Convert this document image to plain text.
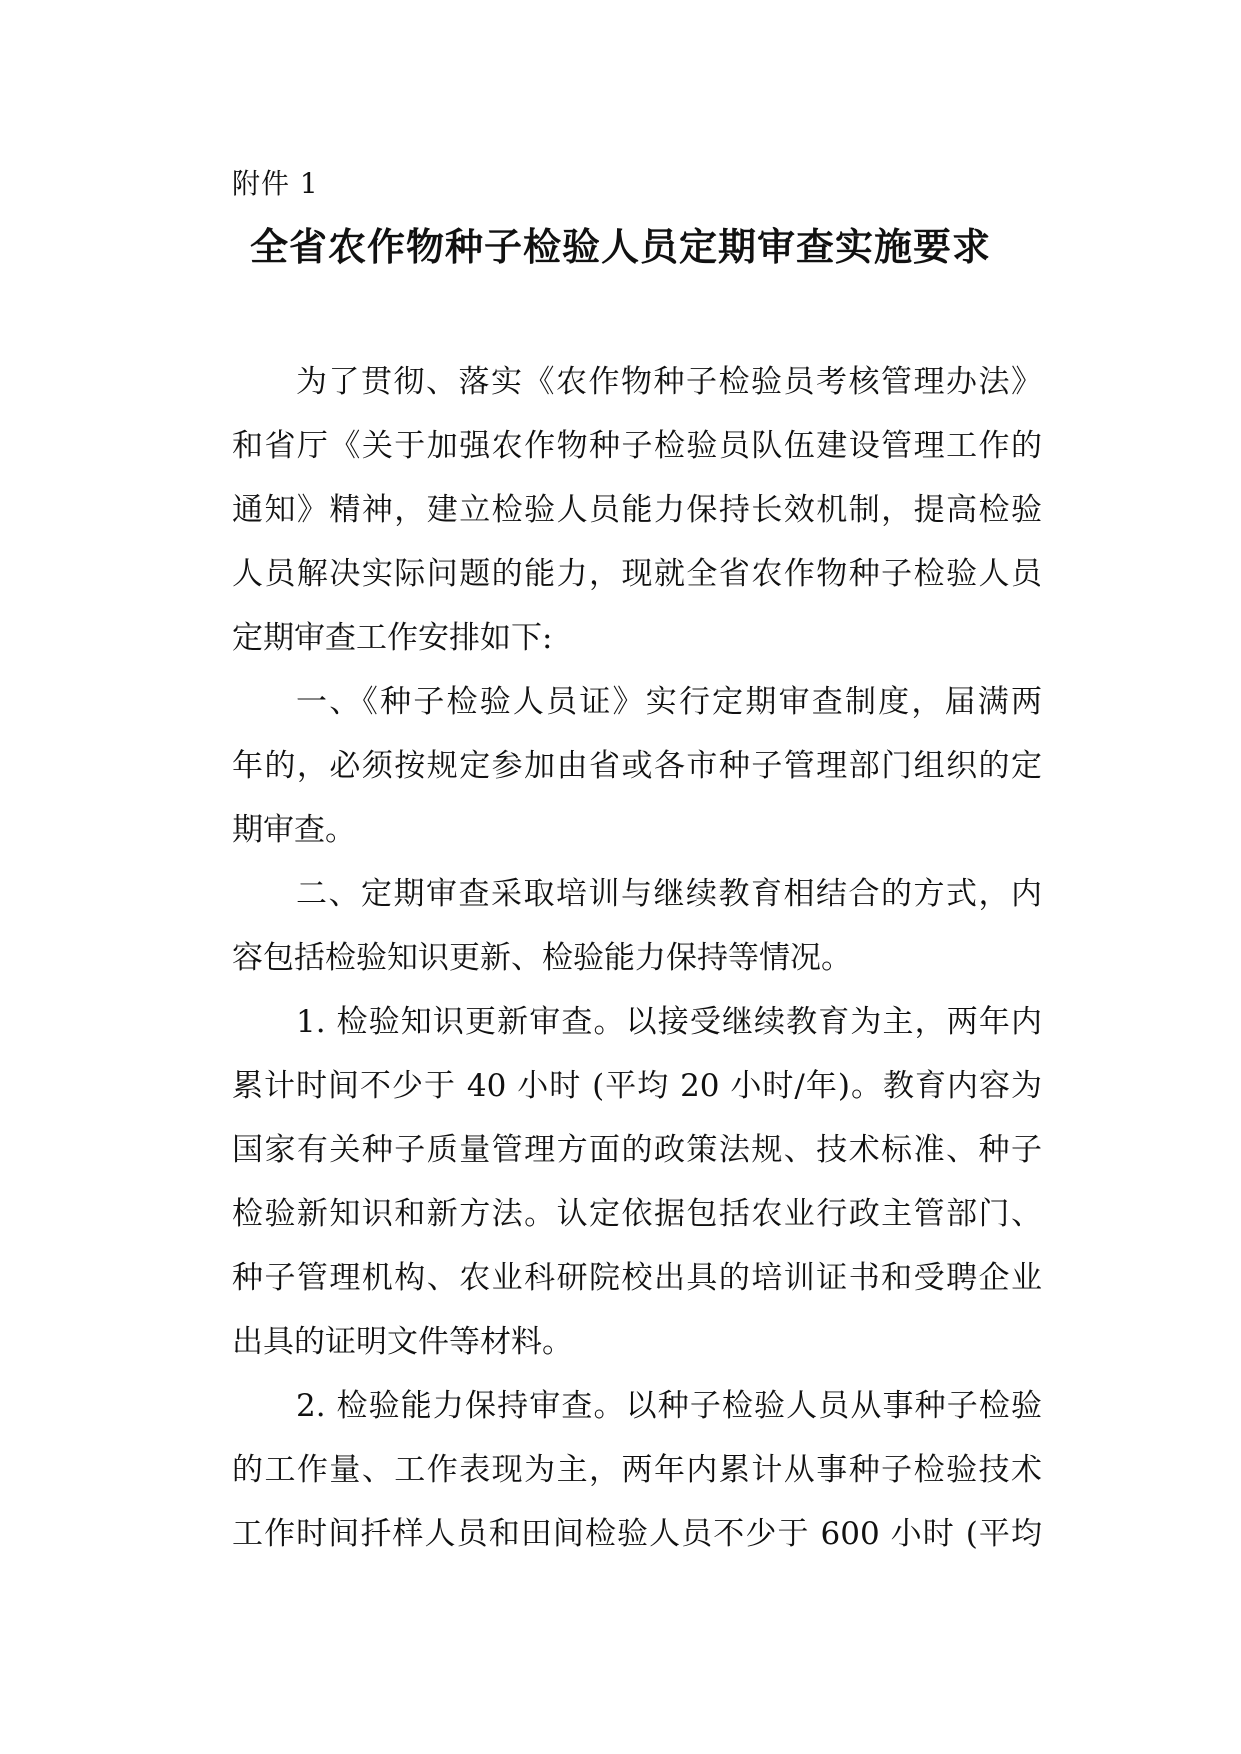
附件 1
全省农作物种子检验人员定期审查实施要求
为了贯彻、落实《农作物种子检验员考核管理办法》
和省厅《关于加强农作物种子检验员队伍建设管理工作的
通知》精神，建立检验人员能力保持长效机制，提高检验
人员解决实际问题的能力，现就全省农作物种子检验人员
定期审查工作安排如下:
一、《种子检验人员证》实行定期审查制度，届满两
年的，必须按规定参加由省或各市种子管理部门组织的定
期审查。
二、定期审查采取培训与继续教育相结合的方式，内
容包括检验知识更新、检验能力保持等情况。
1. 检验知识更新审查。以接受继续教育为主，两年内
累计时间不少于 40 小时 (平均 20 小时/年)。教育内容为
国家有关种子质量管理方面的政策法规、技术标准、种子
检验新知识和新方法。认定依据包括农业行政主管部门、
种子管理机构、农业科研院校出具的培训证书和受聘企业
出具的证明文件等材料。
2. 检验能力保持审查。以种子检验人员从事种子检验
的工作量、工作表现为主，两年内累计从事种子检验技术
工作时间扦样人员和田间检验人员不少于 600 小时 (平均
